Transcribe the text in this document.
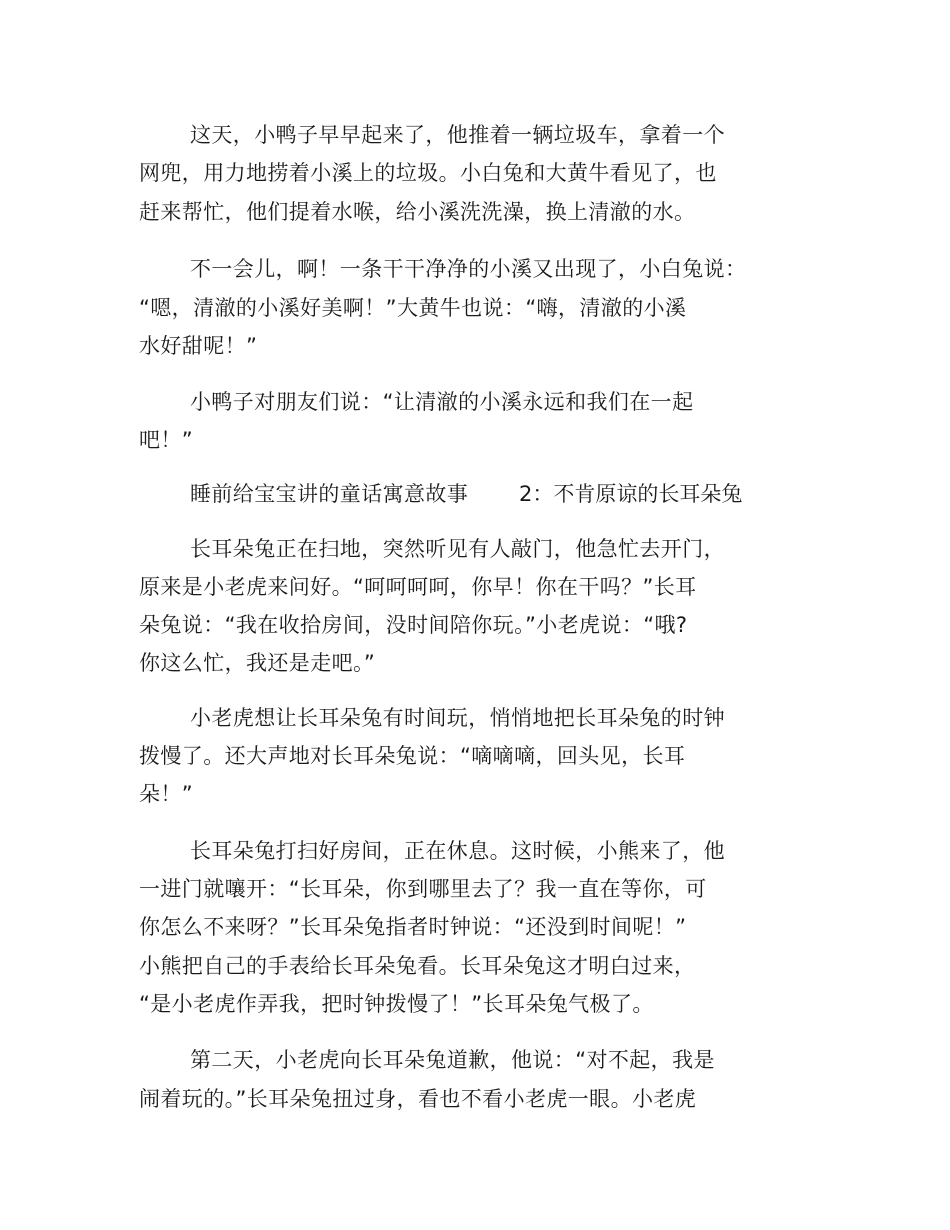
这天，小鸭子早早起来了，他推着一辆垃圾车，拿着一个
网兜，用力地捞着小溪上的垃圾。小白兔和大黄牛看见了，也
赶来帮忙，他们提着水喉，给小溪洗洗澡，换上清澈的水。
不一会儿，啊！一条干干净净的小溪又出现了，小白兔说：
“嗯，清澈的小溪好美啊！”大黄牛也说：“嗨，清澈的小溪
水好甜呢！”
小鸭子对朋友们说：“让清澈的小溪永远和我们在一起
吧！”
睡前给宝宝讲的童话寓意故事 2：不肯原谅的长耳朵兔
长耳朵兔正在扫地，突然听见有人敲门，他急忙去开门，
原来是小老虎来问好。“呵呵呵呵，你早！你在干吗？”长耳
朵兔说：“我在收拾房间，没时间陪你玩。”小老虎说：“哦?
你这么忙，我还是走吧。”
小老虎想让长耳朵兔有时间玩，悄悄地把长耳朵兔的时钟
拨慢了。还大声地对长耳朵兔说：“嘀嘀嘀，回头见，长耳
朵！”
长耳朵兔打扫好房间，正在休息。这时候，小熊来了，他
一进门就嚷开：“长耳朵，你到哪里去了？我一直在等你，可
你怎么不来呀？”长耳朵兔指者时钟说：“还没到时间呢！”
小熊把自己的手表给长耳朵兔看。长耳朵兔这才明白过来，
“是小老虎作弄我，把时钟拨慢了！”长耳朵兔气极了。
第二天，小老虎向长耳朵兔道歉，他说：“对不起，我是
闹着玩的。”长耳朵兔扭过身，看也不看小老虎一眼。小老虎
